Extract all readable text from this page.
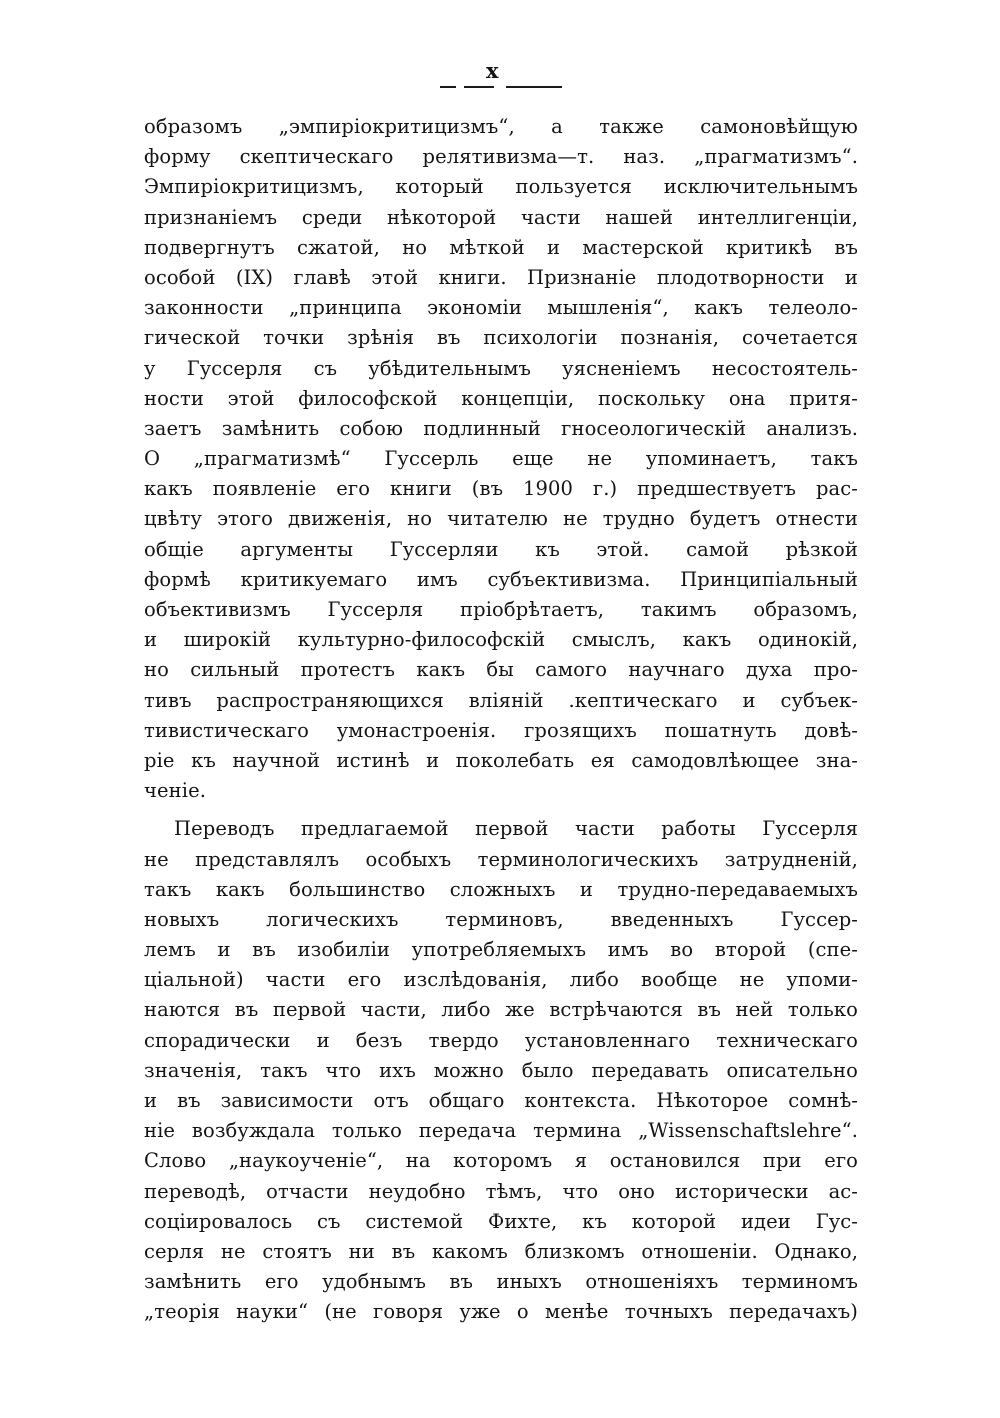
x
образомъ „эмпиріокритицизмъ“, а также самоновѣйщую
форму скептическаго релятивизма—т. наз. „прагматизмъ“.
Эмпиріокритицизмъ, который пользуется исключительнымъ
признаніемъ среди нѣкоторой части нашей интеллигенціи,
подвергнутъ сжатой, но мѣткой и мастерской критикѣ въ
особой (IX) главѣ этой книги. Признаніе плодотворности и
законности „принципа экономіи мышленія“, какъ телеоло-
гической точки зрѣнія въ психологіи познанія, сочетается
у Гуссерля съ убѣдительнымъ уясненіемъ несостоятель-
ности этой философской концепціи, поскольку она притя-
заетъ замѣнить собою подлинный гносеологическій анализъ.
О „прагматизмѣ“ Гуссерль еще не упоминаетъ, такъ
какъ появленіе его книги (въ 1900 г.) предшествуетъ рас-
цвѣту этого движенія, но читателю не трудно будетъ отнести
общіе аргументы Гуссерляи къ этой. самой рѣзкой
формѣ критикуемаго имъ субъективизма. Принципіальный
объективизмъ Гуссерля пріобрѣтаетъ, такимъ образомъ,
и широкій культурно-философскій смыслъ, какъ одинокій,
но сильный протестъ какъ бы самого научнаго духа про-
тивъ распространяющихся вліяній .кептическаго и субъек-
тивистическаго умонастроенія. грозящихъ пошатнуть довѣ-
ріе къ научной истинѣ и поколебать ея самодовлѣющее зна-
ченіе.
Переводъ предлагаемой первой части работы Гуссерля
не представлялъ особыхъ терминологическихъ затрудненій,
такъ какъ большинство сложныхъ и трудно-передаваемыхъ
новыхъ логическихъ терминовъ, введенныхъ Гуссер-
лемъ и въ изобиліи употребляемыхъ имъ во второй (спе-
ціальной) части его изслѣдованія, либо вообще не упоми-
наются въ первой части, либо же встрѣчаются въ ней только
спорадически и безъ твердо установленнаго техническаго
значенія, такъ что ихъ можно было передавать описательно
и въ зависимости отъ общаго контекста. Нѣкоторое сомнѣ-
ніе возбуждала только передача термина „Wissenschaftslehre“.
Слово „наукоученіе“, на которомъ я остановился при его
переводѣ, отчасти неудобно тѣмъ, что оно исторически ас-
соціировалось съ системой Фихте, къ которой идеи Гус-
серля не стоятъ ни въ какомъ близкомъ отношеніи. Однако,
замѣнить его удобнымъ въ иныхъ отношеніяхъ терминомъ
„теорія науки“ (не говоря уже о менѣе точныхъ передачахъ)
